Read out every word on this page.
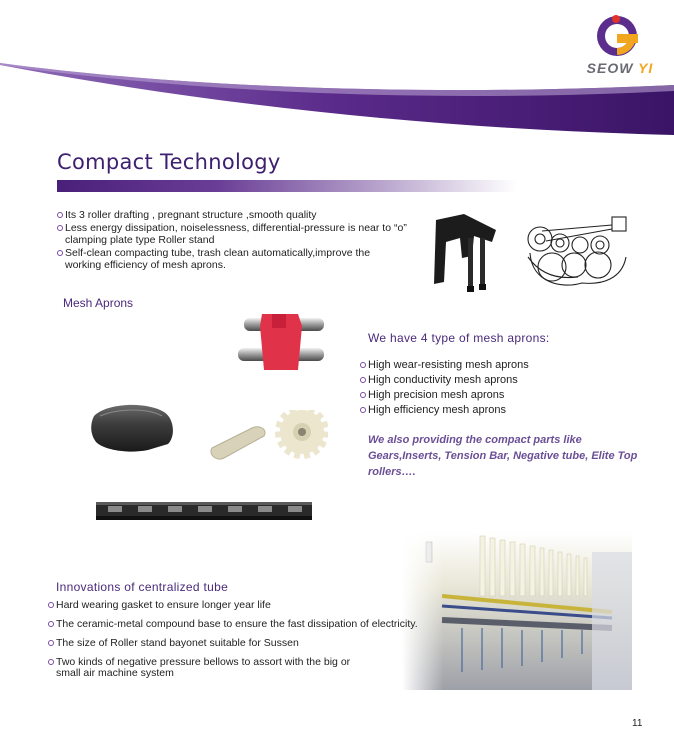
SEOW YI
Compact Technology
Its 3 roller drafting , pregnant structure ,smooth quality
Less energy dissipation, noiselessness, differential-pressure is near to “o” clamping plate type Roller stand
Self-clean compacting tube, trash clean automatically,improve the working efficiency of mesh aprons.
Mesh Aprons
We have 4 type of mesh aprons:
High wear-resisting mesh aprons
High conductivity mesh aprons
High precision mesh aprons
High efficiency mesh aprons
We also providing the compact parts like Gears,Inserts, Tension Bar, Negative tube, Elite Top rollers….
Innovations of centralized tube
Hard wearing gasket to ensure longer year life
The ceramic-metal compound base to ensure the fast dissipation of electricity.
The size of Roller stand bayonet suitable for Sussen
Two kinds of negative pressure bellows to assort with the big or small air machine system
11
